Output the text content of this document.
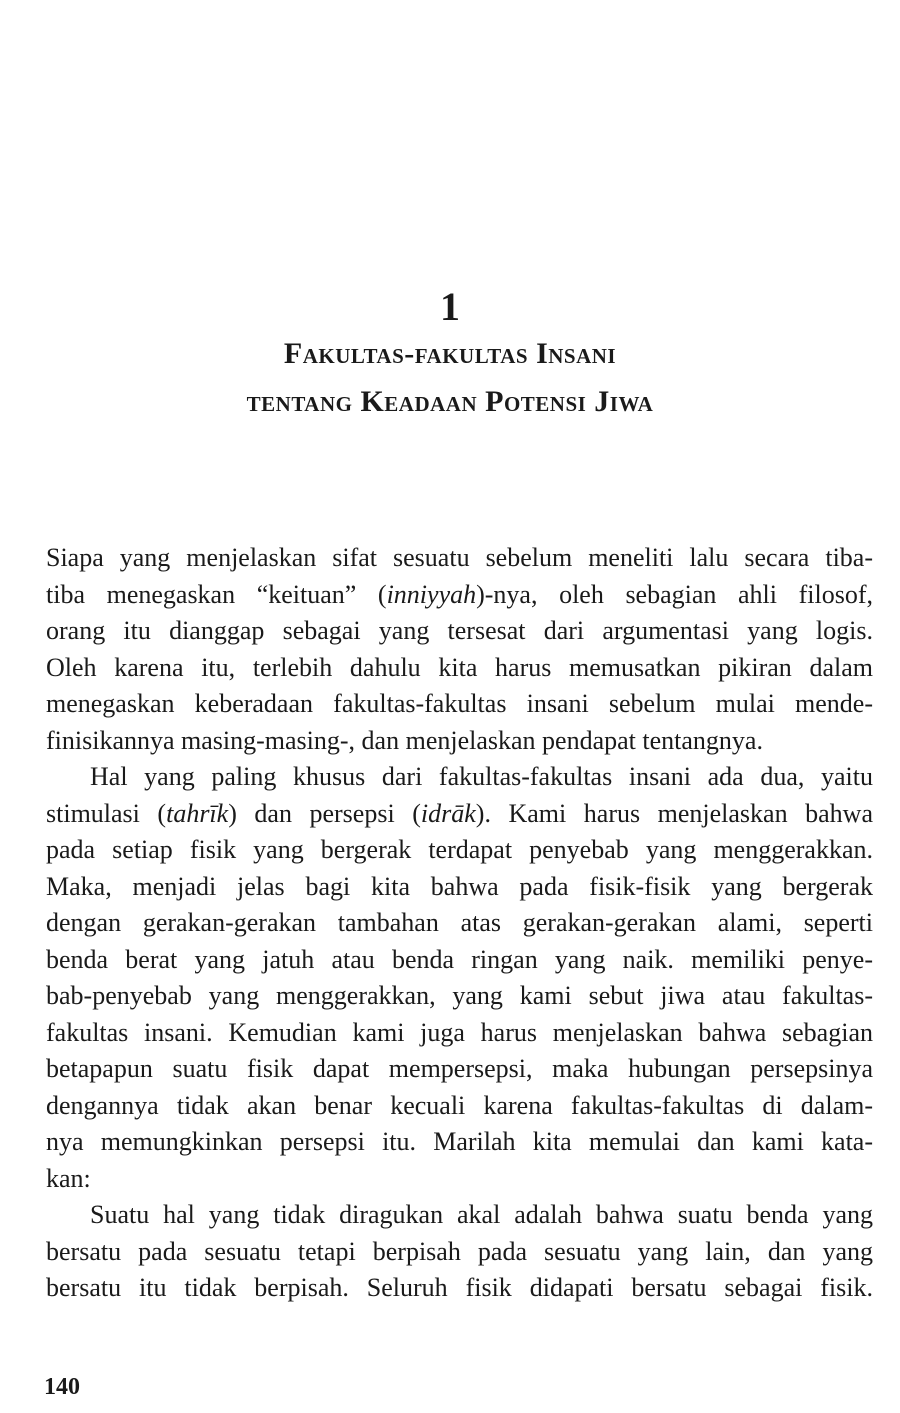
1
Fakultas-fakultas Insani
tentang Keadaan Potensi Jiwa
Siapa yang menjelaskan sifat sesuatu sebelum meneliti lalu secara tiba-
tiba menegaskan “keituan” (inniyyah)-nya, oleh sebagian ahli filosof,
orang itu dianggap sebagai yang tersesat dari argumentasi yang logis.
Oleh karena itu, terlebih dahulu kita harus memusatkan pikiran dalam
menegaskan keberadaan fakultas-fakultas insani sebelum mulai mende-
finisikannya masing-masing-, dan menjelaskan pendapat tentangnya.
Hal yang paling khusus dari fakultas-fakultas insani ada dua, yaitu
stimulasi (tahrīk) dan persepsi (idrāk). Kami harus menjelaskan bahwa
pada setiap fisik yang bergerak terdapat penyebab yang menggerakkan.
Maka, menjadi jelas bagi kita bahwa pada fisik-fisik yang bergerak
dengan gerakan-gerakan tambahan atas gerakan-gerakan alami, seperti
benda berat yang jatuh atau benda ringan yang naik. memiliki penye-
bab-penyebab yang menggerakkan, yang kami sebut jiwa atau fakultas-
fakultas insani. Kemudian kami juga harus menjelaskan bahwa sebagian
betapapun suatu fisik dapat mempersepsi, maka hubungan persepsinya
dengannya tidak akan benar kecuali karena fakultas-fakultas di dalam-
nya memungkinkan persepsi itu. Marilah kita memulai dan kami kata-
kan:
Suatu hal yang tidak diragukan akal adalah bahwa suatu benda yang
bersatu pada sesuatu tetapi berpisah pada sesuatu yang lain, dan yang
bersatu itu tidak berpisah. Seluruh fisik didapati bersatu sebagai fisik.
140
